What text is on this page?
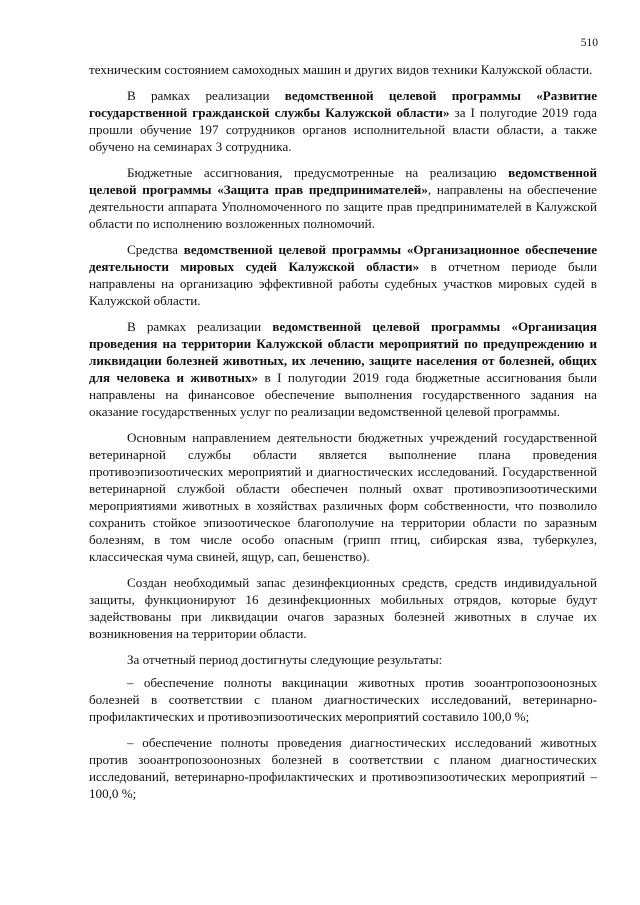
510

техническим состоянием самоходных машин и других видов техники Калужской области.

В рамках реализации ведомственной целевой программы «Развитие государственной гражданской службы Калужской области» за I полугодие 2019 года прошли обучение 197 сотрудников органов исполнительной власти области, а также обучено на семинарах 3 сотрудника.

Бюджетные ассигнования, предусмотренные на реализацию ведомственной целевой программы «Защита прав предпринимателей», направлены на обеспечение деятельности аппарата Уполномоченного по защите прав предпринимателей в Калужской области по исполнению возложенных полномочий.

Средства ведомственной целевой программы «Организационное обеспечение деятельности мировых судей Калужской области» в отчетном периоде были направлены на организацию эффективной работы судебных участков мировых судей в Калужской области.

В рамках реализации ведомственной целевой программы «Организация проведения на территории Калужской области мероприятий по предупреждению и ликвидации болезней животных, их лечению, защите населения от болезней, общих для человека и животных» в I полугодии 2019 года бюджетные ассигнования были направлены на финансовое обеспечение выполнения государственного задания на оказание государственных услуг по реализации ведомственной целевой программы.

Основным направлением деятельности бюджетных учреждений государственной ветеринарной службы области является выполнение плана проведения противоэпизоотических мероприятий и диагностических исследований. Государственной ветеринарной службой области обеспечен полный охват противоэпизоотическими мероприятиями животных в хозяйствах различных форм собственности, что позволило сохранить стойкое эпизоотическое благополучие на территории области по заразным болезням, в том числе особо опасным (грипп птиц, сибирская язва, туберкулез, классическая чума свиней, ящур, сап, бешенство).

Создан необходимый запас дезинфекционных средств, средств индивидуальной защиты, функционируют 16 дезинфекционных мобильных отрядов, которые будут задействованы при ликвидации очагов заразных болезней животных в случае их возникновения на территории области.

За отчетный период достигнуты следующие результаты:

– обеспечение полноты вакцинации животных против зооантропозоонозных болезней в соответствии с планом диагностических исследований, ветеринарно-профилактических и противоэпизоотических мероприятий составило 100,0 %;

– обеспечение полноты проведения диагностических исследований животных против зооантропозоонозных болезней в соответствии с планом диагностических исследований, ветеринарно-профилактических и противоэпизоотических мероприятий – 100,0 %;
